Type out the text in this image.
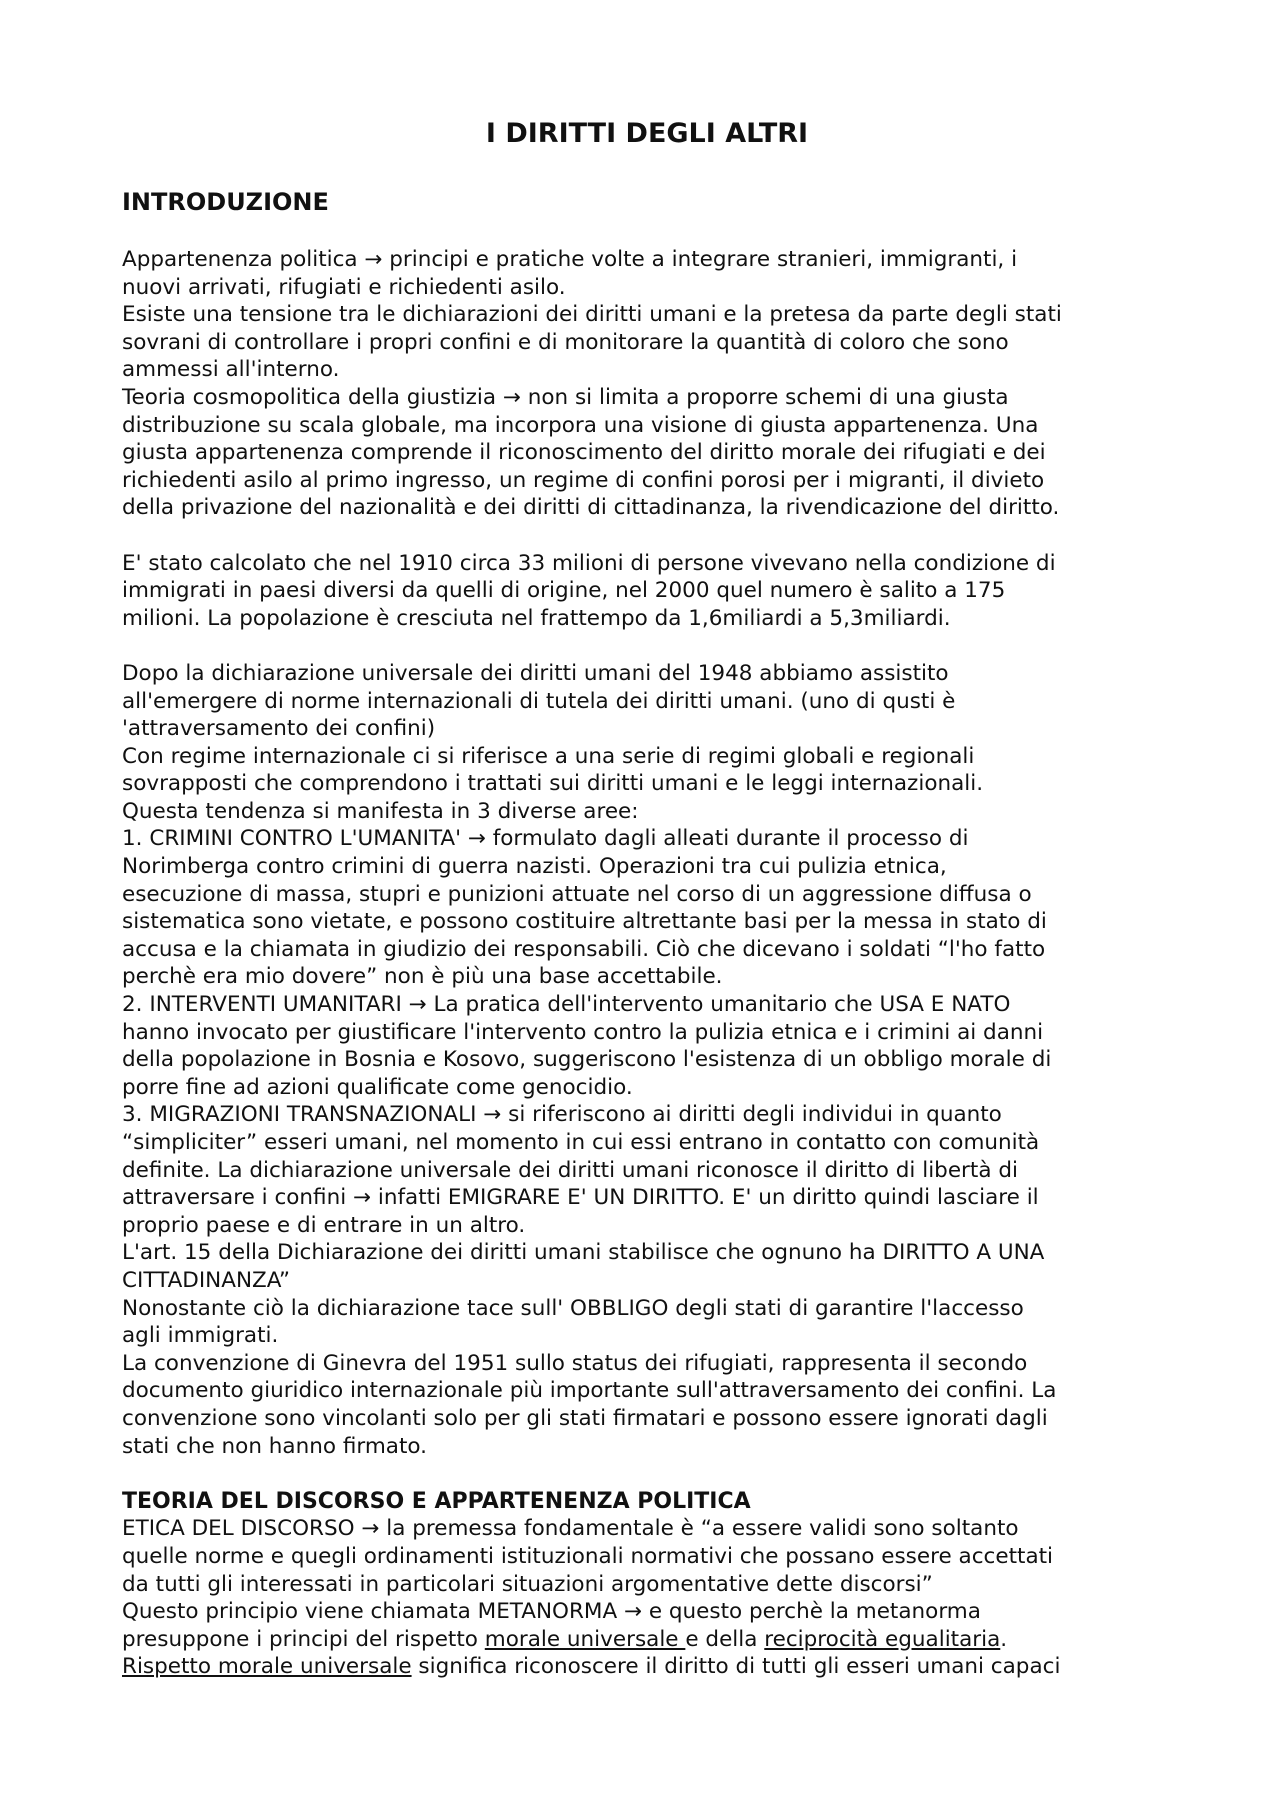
I DIRITTI DEGLI ALTRI
INTRODUZIONE

Appartenenza politica → principi e pratiche volte a integrare stranieri, immigranti, i

nuovi arrivati, rifugiati e richiedenti asilo.

Esiste una tensione tra le dichiarazioni dei diritti umani e la pretesa da parte degli stati

sovrani di controllare i propri confini e di monitorare la quantità di coloro che sono

ammessi all'interno.

Teoria cosmopolitica della giustizia → non si limita a proporre schemi di una giusta

distribuzione su scala globale, ma incorpora una visione di giusta appartenenza. Una

giusta appartenenza comprende il riconoscimento del diritto morale dei rifugiati e dei

richiedenti asilo al primo ingresso, un regime di confini porosi per i migranti, il divieto

della privazione del nazionalità e dei diritti di cittadinanza, la rivendicazione del diritto.

E' stato calcolato che nel 1910 circa 33 milioni di persone vivevano nella condizione di

immigrati in paesi diversi da quelli di origine, nel 2000 quel numero è salito a 175

milioni. La popolazione è cresciuta nel frattempo da 1,6miliardi a 5,3miliardi.

Dopo la dichiarazione universale dei diritti umani del 1948 abbiamo assistito

all'emergere di norme internazionali di tutela dei diritti umani. (uno di qusti è

'attraversamento dei confini)

Con regime internazionale ci si riferisce a una serie di regimi globali e regionali

sovrapposti che comprendono i trattati sui diritti umani e le leggi internazionali.

Questa tendenza si manifesta in 3 diverse aree:

1. CRIMINI CONTRO L'UMANITA' → formulato dagli alleati durante il processo di

Norimberga contro crimini di guerra nazisti. Operazioni tra cui pulizia etnica,

esecuzione di massa, stupri e punizioni attuate nel corso di un aggressione diffusa o

sistematica sono vietate, e possono costituire altrettante basi per la messa in stato di

accusa e la chiamata in giudizio dei responsabili. Ciò che dicevano i soldati “l'ho fatto

perchè era mio dovere” non è più una base accettabile.

2. INTERVENTI UMANITARI → La pratica dell'intervento umanitario che USA E NATO

hanno invocato per giustificare l'intervento contro la pulizia etnica e i crimini ai danni

della popolazione in Bosnia e Kosovo, suggeriscono l'esistenza di un obbligo morale di

porre fine ad azioni qualificate come genocidio.

3. MIGRAZIONI TRANSNAZIONALI → si riferiscono ai diritti degli individui in quanto

“simpliciter” esseri umani, nel momento in cui essi entrano in contatto con comunità

definite. La dichiarazione universale dei diritti umani riconosce il diritto di libertà di

attraversare i confini → infatti EMIGRARE E' UN DIRITTO. E' un diritto quindi lasciare il

proprio paese e di entrare in un altro.

L'art. 15 della Dichiarazione dei diritti umani stabilisce che ognuno ha DIRITTO A UNA

CITTADINANZA”

Nonostante ciò la dichiarazione tace sull' OBBLIGO degli stati di garantire l'laccesso

agli immigrati.

La convenzione di Ginevra del 1951 sullo status dei rifugiati, rappresenta il secondo

documento giuridico internazionale più importante sull'attraversamento dei confini. La

convenzione sono vincolanti solo per gli stati firmatari e possono essere ignorati dagli

stati che non hanno firmato.

TEORIA DEL DISCORSO E APPARTENENZA POLITICA

ETICA DEL DISCORSO → la premessa fondamentale è “a essere validi sono soltanto

quelle norme e quegli ordinamenti istituzionali normativi che possano essere accettati

da tutti gli interessati in particolari situazioni argomentative dette discorsi”

Questo principio viene chiamata METANORMA → e questo perchè la metanorma

presuppone i principi del rispetto morale universale e della reciprocità egualitaria.

Rispetto morale universale significa riconoscere il diritto di tutti gli esseri umani capaci
